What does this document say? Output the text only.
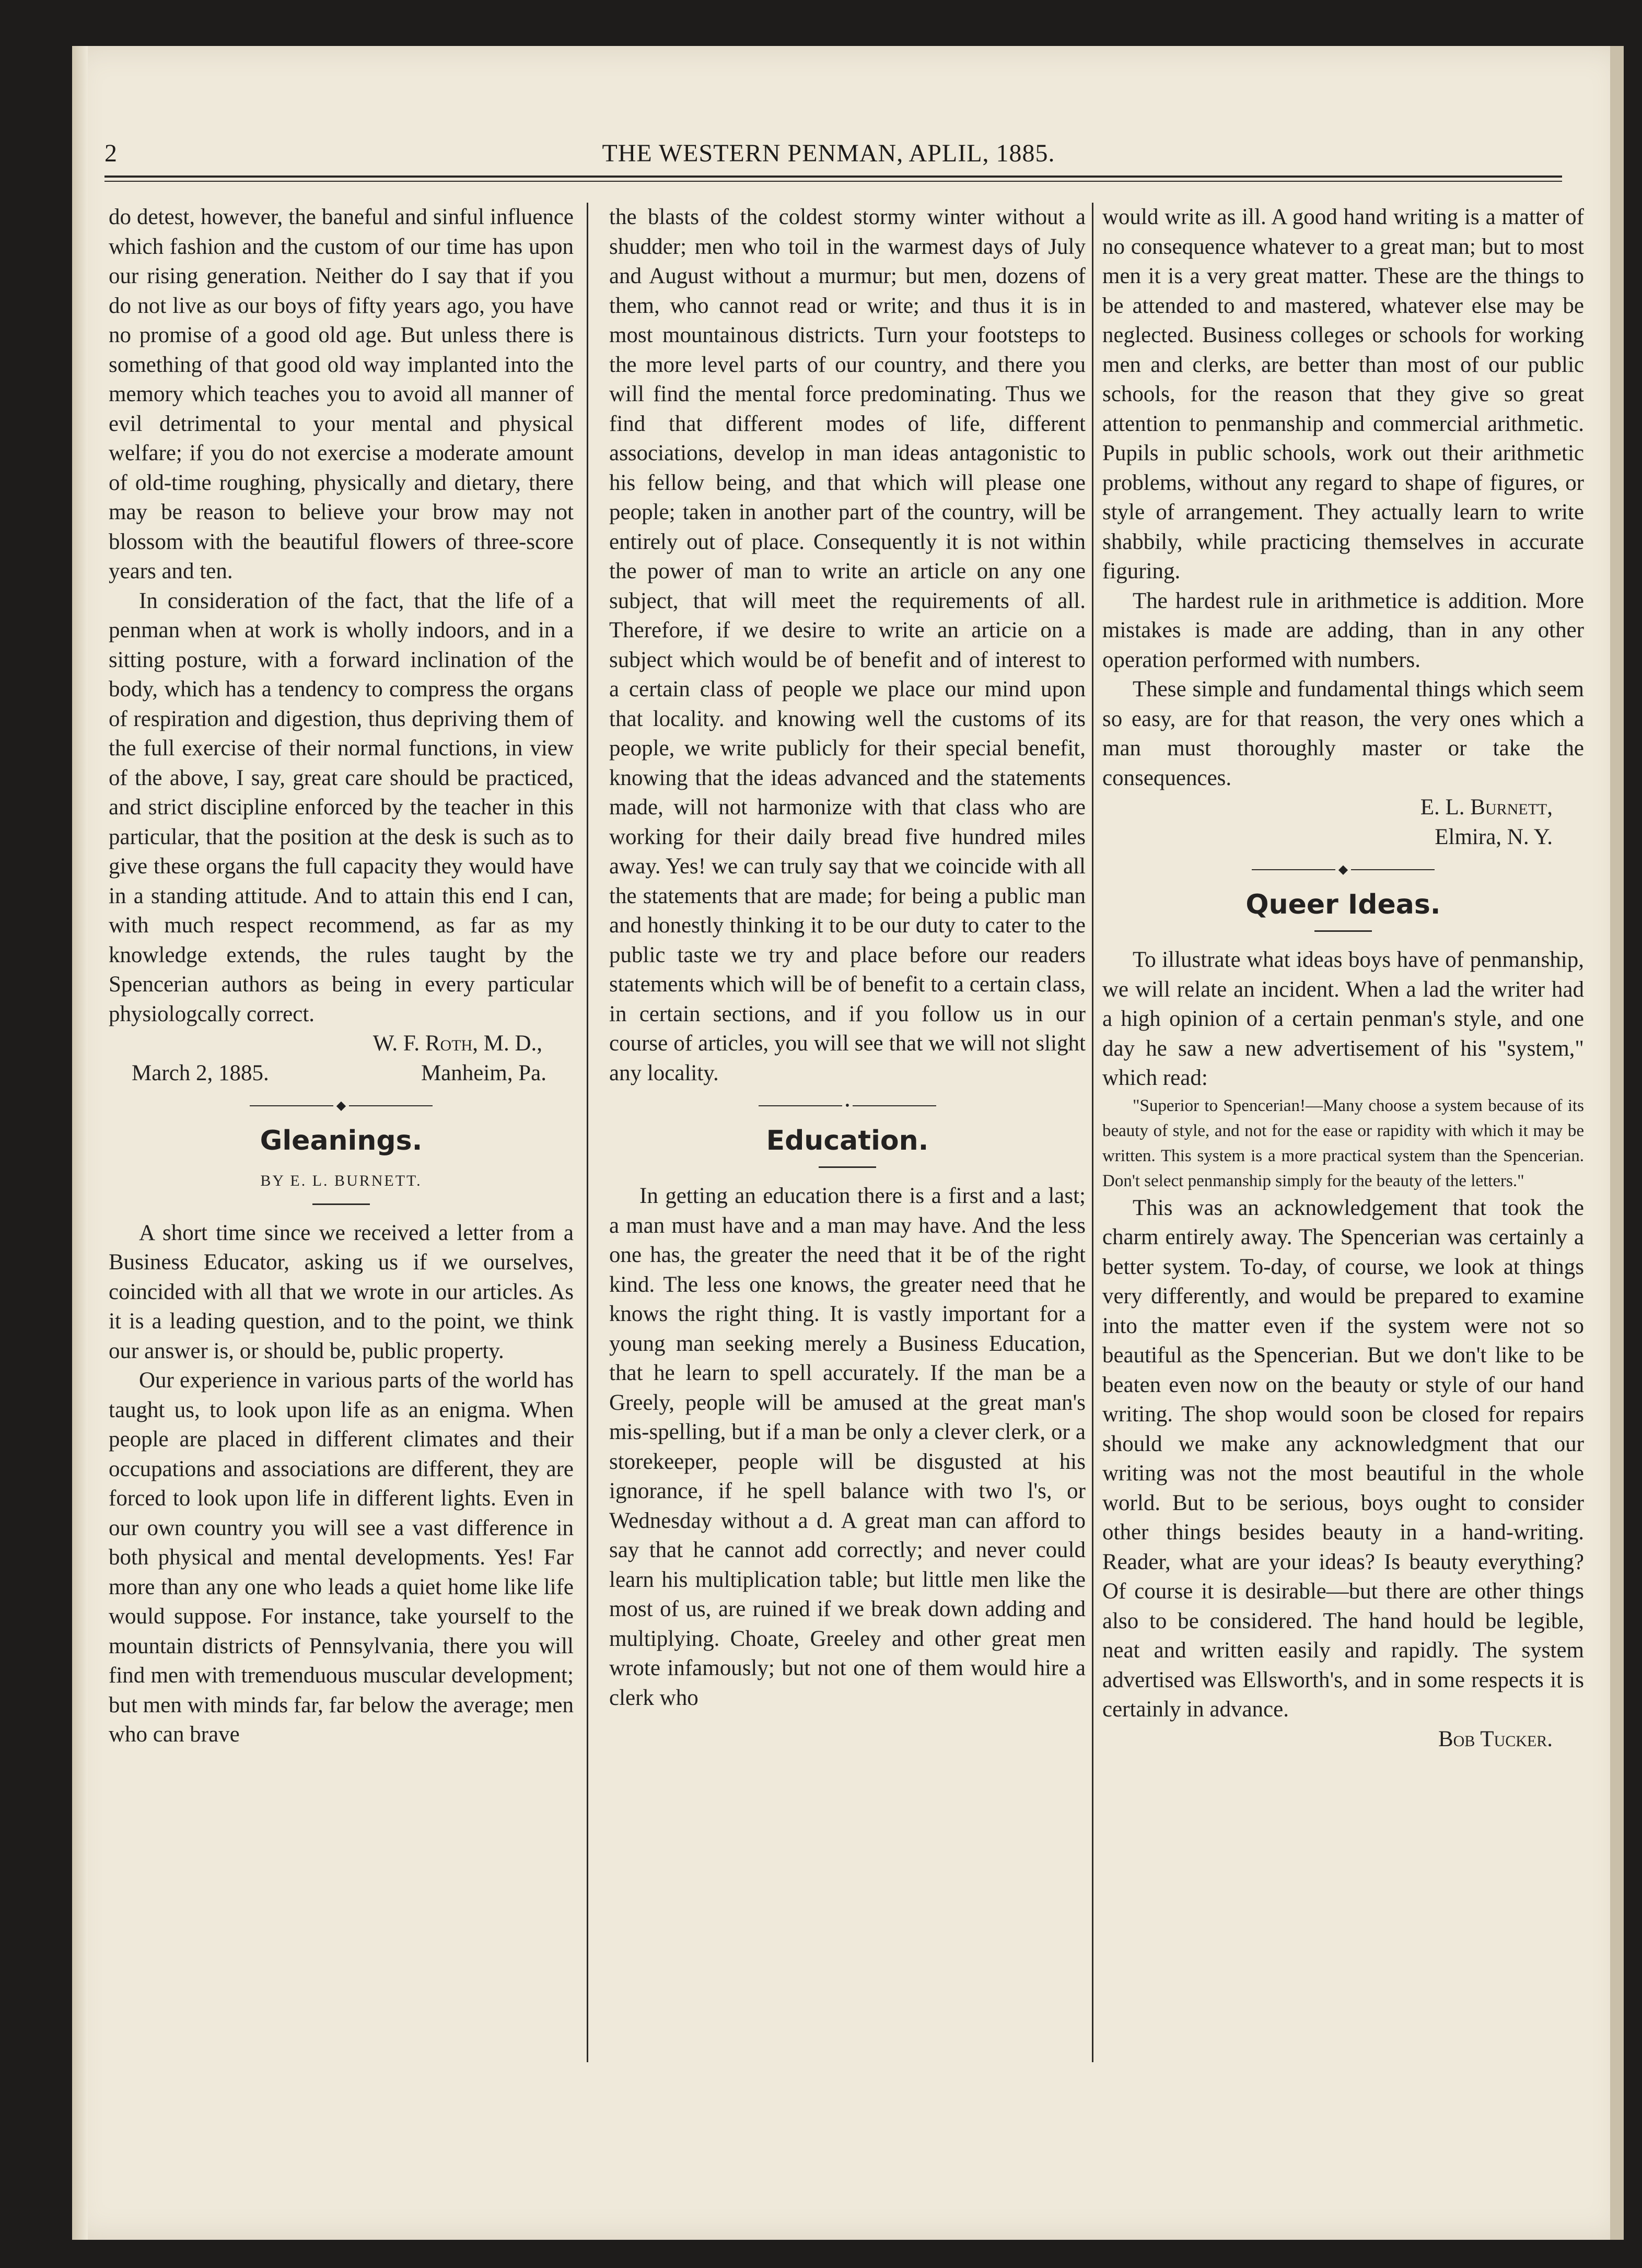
2	THE WESTERN PENMAN, APLIL, 1885.

do detest, however, the baneful and sinful influence which fashion and the custom of our time has upon our rising generation. Neither do I say that if you do not live as our boys of fifty years ago, you have no promise of a good old age. But unless there is something of that good old way implanted into the memory which teaches you to avoid all manner of evil detrimental to your mental and physical welfare; if you do not exercise a moderate amount of old-time roughing, physically and dietary, there may be reason to believe your brow may not blossom with the beautiful flowers of three-score years and ten.

In consideration of the fact, that the life of a penman when at work is wholly indoors, and in a sitting posture, with a forward inclination of the body, which has a tendency to compress the organs of respiration and digestion, thus depriving them of the full exercise of their normal functions, in view of the above, I say, great care should be practiced, and strict discipline enforced by the teacher in this particular, that the position at the desk is such as to give these organs the full capacity they would have in a standing attitude. And to attain this end I can, with much respect recommend, as far as my knowledge extends, the rules taught by the Spencerian authors as being in every particular physiologcally correct.

W. F. Roth, M. D.,

March 2, 1885.	Manheim, Pa.
◆
Gleanings.
BY E. L. BURNETT.

A short time since we received a letter from a Business Educator, asking us if we ourselves, coincided with all that we wrote in our articles. As it is a leading question, and to the point, we think our answer is, or should be, public property.

Our experience in various parts of the world has taught us, to look upon life as an enigma. When people are placed in different climates and their occupations and associations are different, they are forced to look upon life in different lights. Even in our own country you will see a vast difference in both physical and mental developments. Yes! Far more than any one who leads a quiet home like life would suppose. For instance, take yourself to the mountain districts of Pennsylvania, there you will find men with tremenduous muscular development; but men with minds far, far below the average; men who can brave

the blasts of the coldest stormy winter without a shudder; men who toil in the warmest days of July and August without a murmur; but men, dozens of them, who cannot read or write; and thus it is in most mountainous districts. Turn your footsteps to the more level parts of our country, and there you will find the mental force predominating. Thus we find that different modes of life, different associations, develop in man ideas antagonistic to his fellow being, and that which will please one people; taken in another part of the country, will be entirely out of place. Consequently it is not within the power of man to write an article on any one subject, that will meet the requirements of all. Therefore, if we desire to write an articie on a subject which would be of benefit and of interest to a certain class of people we place our mind upon that locality. and knowing well the customs of its people, we write publicly for their special benefit, knowing that the ideas advanced and the statements made, will not harmonize with that class who are working for their daily bread five hundred miles away. Yes! we can truly say that we coincide with all the statements that are made; for being a public man and honestly thinking it to be our duty to cater to the public taste we try and place before our readers statements which will be of benefit to a certain class, in certain sections, and if you follow us in our course of articles, you will see that we will not slight any locality.

•
Education.

In getting an education there is a first and a last; a man must have and a man may have. And the less one has, the greater the need that it be of the right kind. The less one knows, the greater need that he knows the right thing. It is vastly important for a young man seeking merely a Business Education, that he learn to spell accurately. If the man be a Greely, people will be amused at the great man's mis-spelling, but if a man be only a clever clerk, or a storekeeper, people will be disgusted at his ignorance, if he spell balance with two l's, or Wednesday without a d. A great man can afford to say that he cannot add correctly; and never could learn his multiplication table; but little men like the most of us, are ruined if we break down adding and multiplying. Choate, Greeley and other great men wrote infamously; but not one of them would hire a clerk who

would write as ill. A good hand writing is a matter of no consequence whatever to a great man; but to most men it is a very great matter. These are the things to be attended to and mastered, whatever else may be neglected. Business colleges or schools for working men and clerks, are better than most of our public schools, for the reason that they give so great attention to penmanship and commercial arithmetic. Pupils in public schools, work out their arithmetic problems, without any regard to shape of figures, or style of arrangement. They actually learn to write shabbily, while practicing themselves in accurate figuring.

The hardest rule in arithmetice is addition. More mistakes is made are adding, than in any other operation performed with numbers.

These simple and fundamental things which seem so easy, are for that reason, the very ones which a man must thoroughly master or take the consequences.

E. L. Burnett,

Elmira, N. Y.

◆
Queer Ideas.

To illustrate what ideas boys have of penmanship, we will relate an incident. When a lad the writer had a high opinion of a certain penman's style, and one day he saw a new advertisement of his "system," which read:

"Superior to Spencerian!—Many choose a system because of its beauty of style, and not for the ease or rapidity with which it may be written. This system is a more practical system than the Spencerian. Don't select penmanship simply for the beauty of the letters."

This was an acknowledgement that took the charm entirely away. The Spencerian was certainly a better system. To-day, of course, we look at things very differently, and would be prepared to examine into the matter even if the system were not so beautiful as the Spencerian. But we don't like to be beaten even now on the beauty or style of our hand writing. The shop would soon be closed for repairs should we make any acknowledgment that our writing was not the most beautiful in the whole world. But to be serious, boys ought to consider other things besides beauty in a hand-writing. Reader, what are your ideas? Is beauty everything? Of course it is desirable—but there are other things also to be considered. The hand hould be legible, neat and written easily and rapidly. The system advertised was Ellsworth's, and in some respects it is certainly in advance.

Bob Tucker.
